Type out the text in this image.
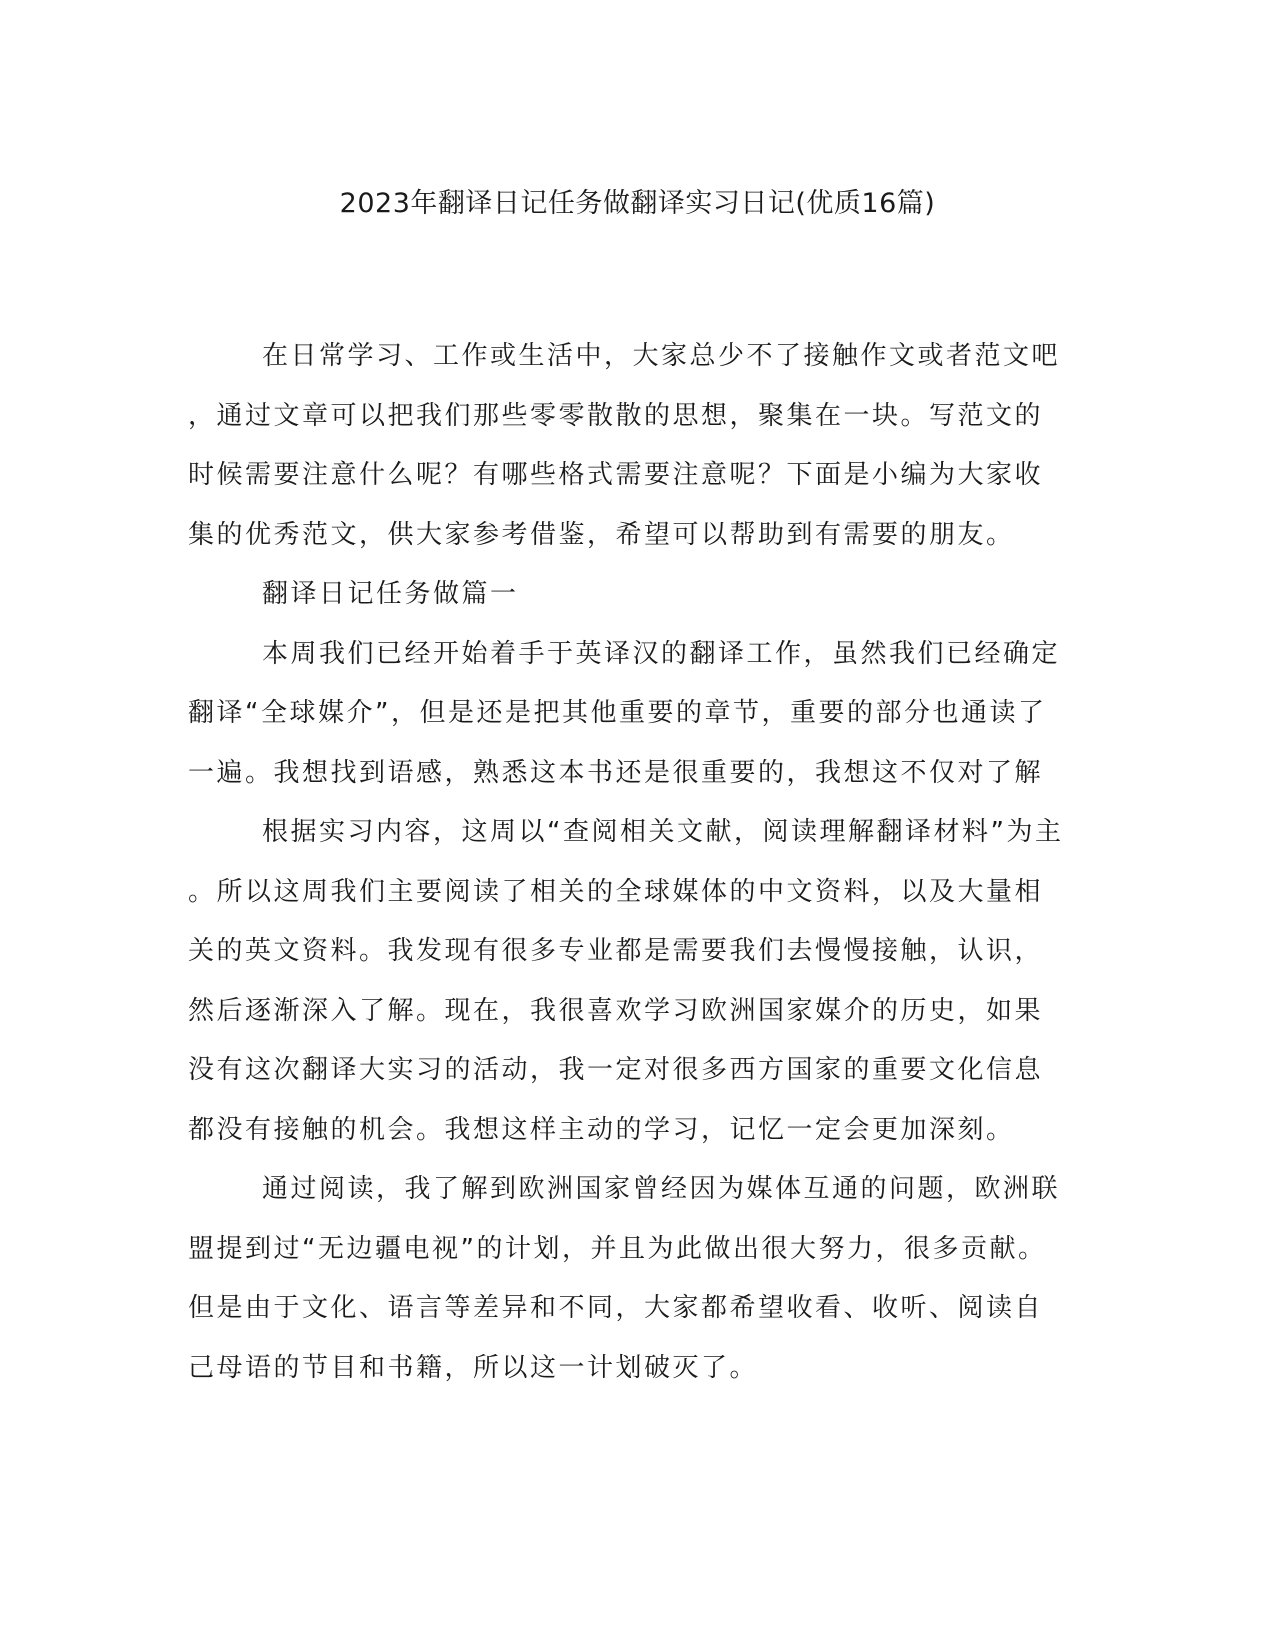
2023年翻译日记任务做翻译实习日记(优质16篇)
在日常学习、工作或生活中，大家总少不了接触作文或者范文吧
，通过文章可以把我们那些零零散散的思想，聚集在一块。写范文的
时候需要注意什么呢？有哪些格式需要注意呢？下面是小编为大家收
集的优秀范文，供大家参考借鉴，希望可以帮助到有需要的朋友。
翻译日记任务做篇一
本周我们已经开始着手于英译汉的翻译工作，虽然我们已经确定
翻译“全球媒介”，但是还是把其他重要的章节，重要的部分也通读了
一遍。我想找到语感，熟悉这本书还是很重要的，我想这不仅对了解
根据实习内容，这周以“查阅相关文献，阅读理解翻译材料”为主
。所以这周我们主要阅读了相关的全球媒体的中文资料，以及大量相
关的英文资料。我发现有很多专业都是需要我们去慢慢接触，认识，
然后逐渐深入了解。现在，我很喜欢学习欧洲国家媒介的历史，如果
没有这次翻译大实习的活动，我一定对很多西方国家的重要文化信息
都没有接触的机会。我想这样主动的学习，记忆一定会更加深刻。
通过阅读，我了解到欧洲国家曾经因为媒体互通的问题，欧洲联
盟提到过“无边疆电视”的计划，并且为此做出很大努力，很多贡献。
但是由于文化、语言等差异和不同，大家都希望收看、收听、阅读自
己母语的节目和书籍，所以这一计划破灭了。
